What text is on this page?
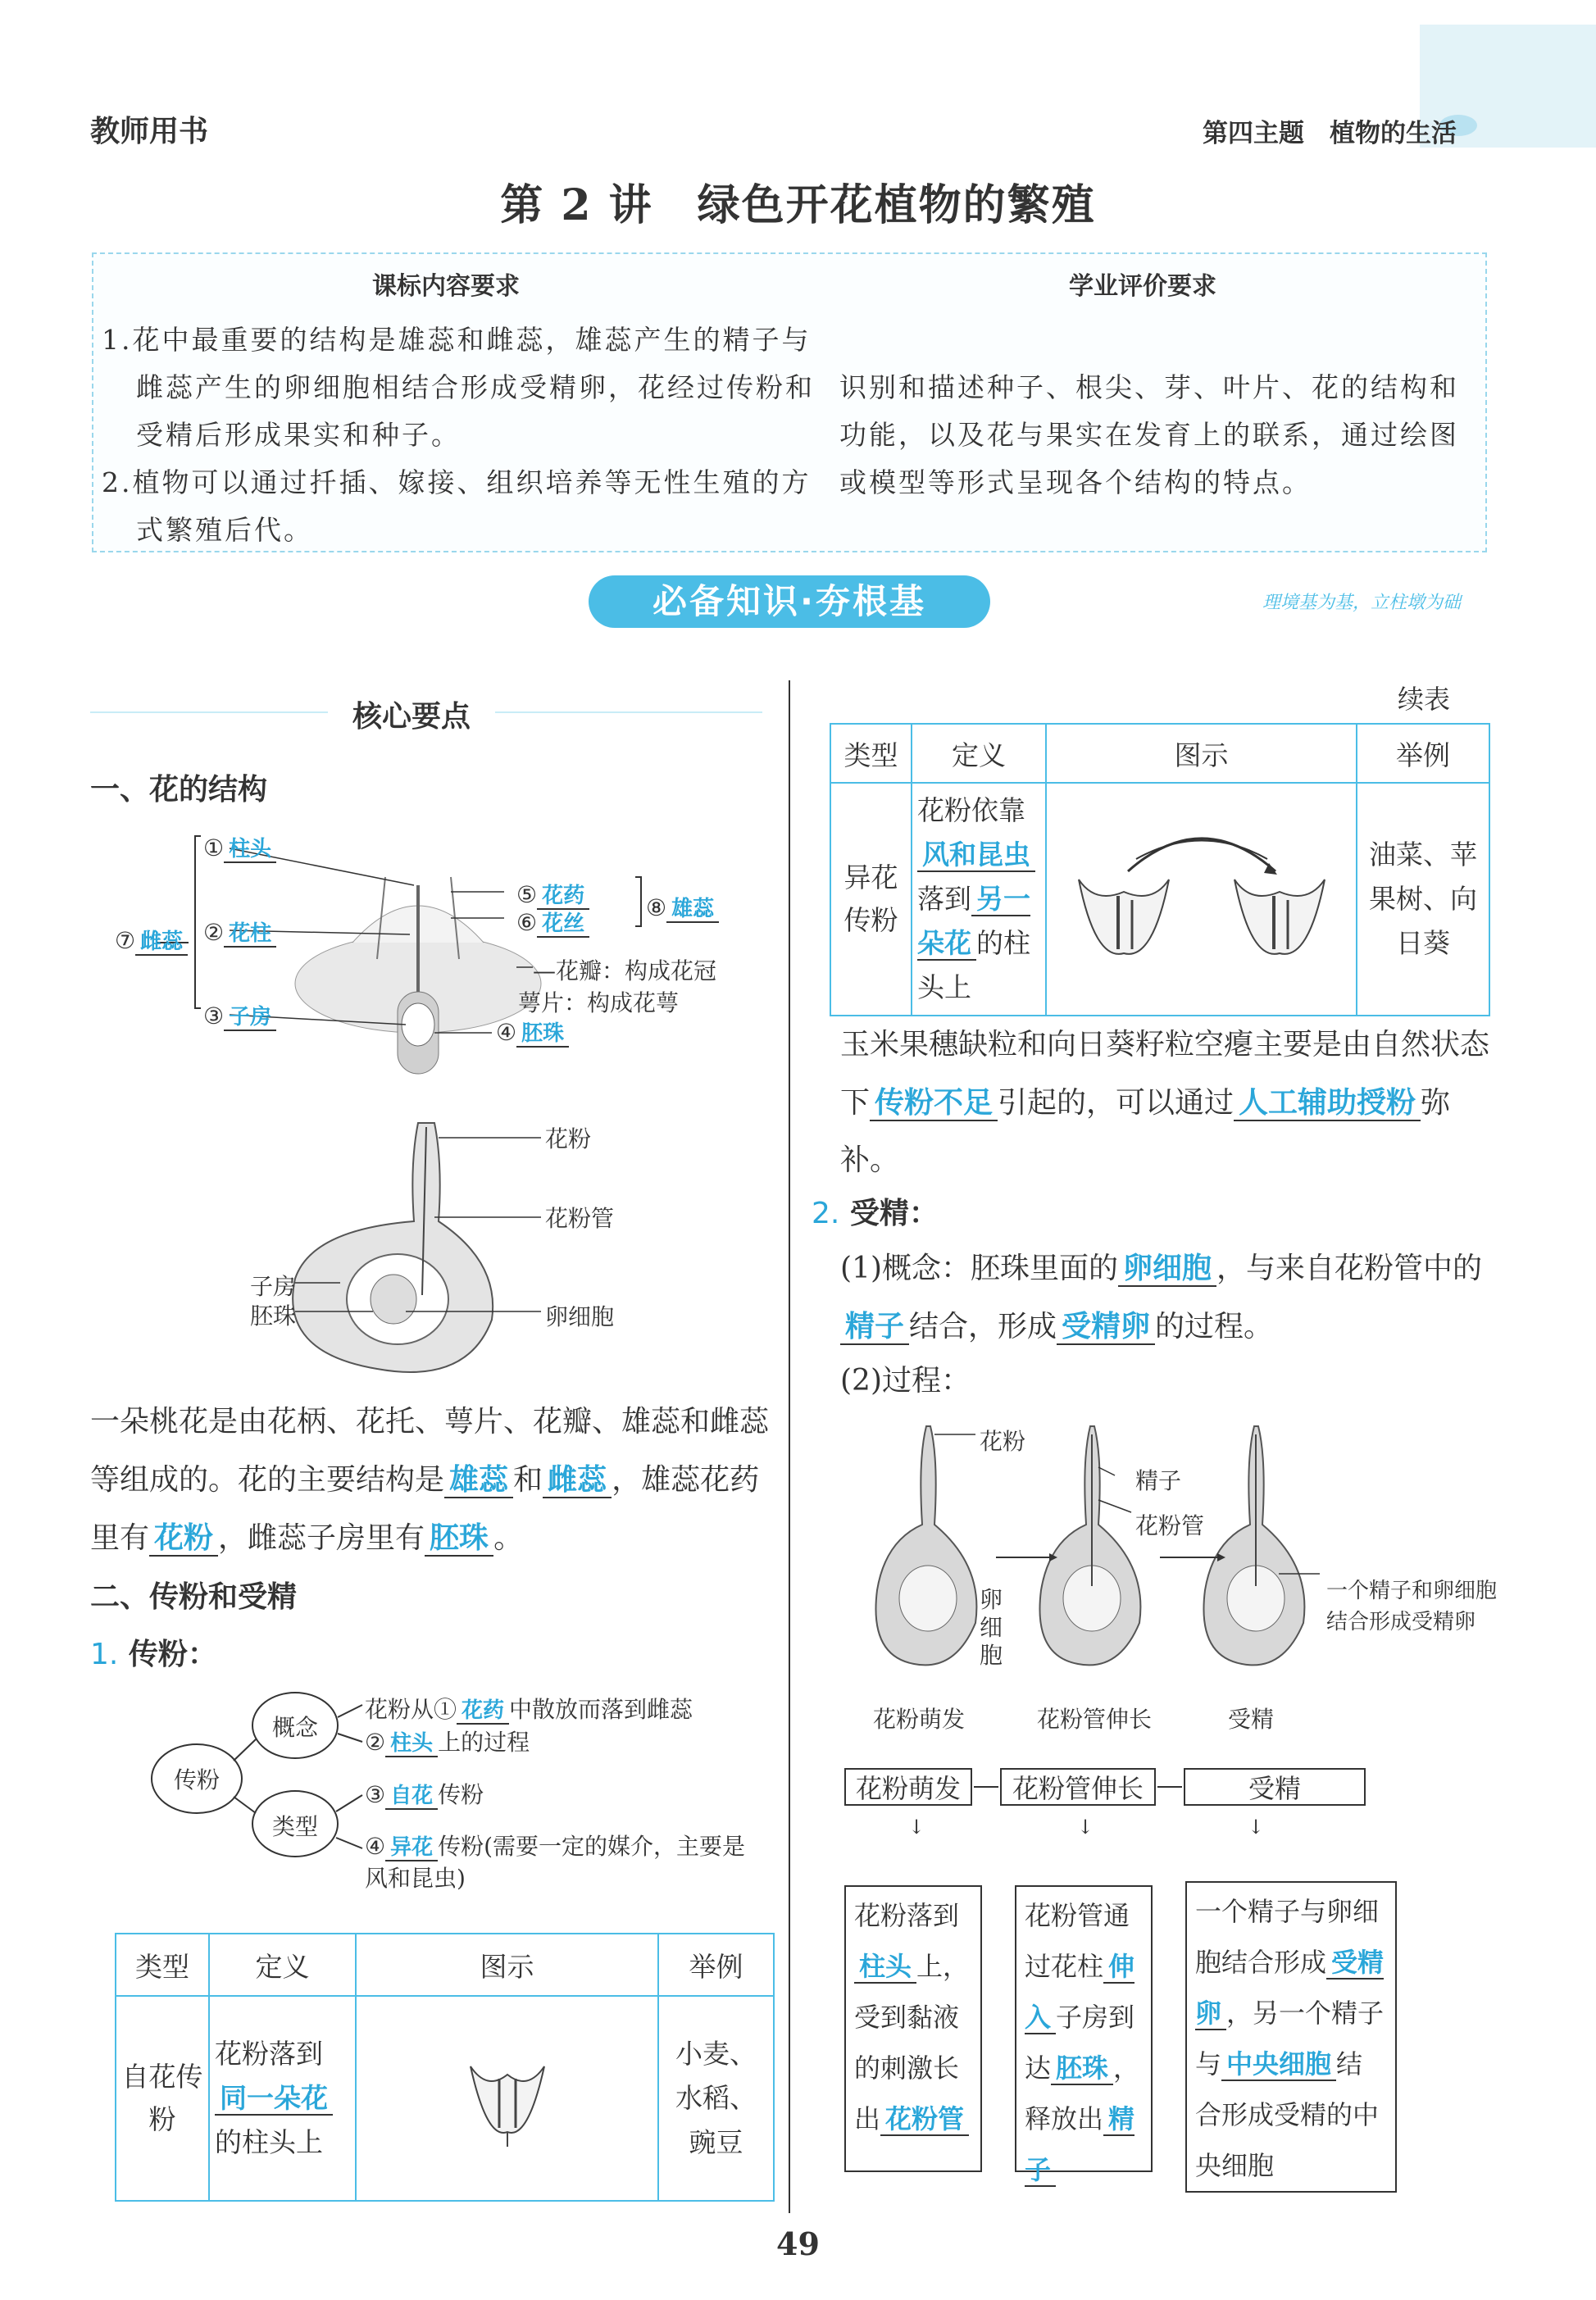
教师用书	第四主题　植物的生活
第 2 讲　绿色开花植物的繁殖
课标内容要求	学业评价要求
1.花中最重要的结构是雄蕊和雌蕊，雄蕊产生的精子与雌蕊产生的卵细胞相结合形成受精卵，花经过传粉和受精后形成果实和种子。
2.植物可以通过扦插、嫁接、组织培养等无性生殖的方式繁殖后代。
识别和描述种子、根尖、芽、叶片、花的结构和功能，以及花与果实在发育上的联系，通过绘图或模型等形式呈现各个结构的特点。
必备知识·夯根基	理境基为基，立柱墩为础
核心要点
一、花的结构
① 柱头
② 花柱
③ 子房
④ 胚珠
⑤ 花药
⑥ 花丝
⑦ 雌蕊
⑧ 雄蕊
—花瓣：构成花冠
萼片：构成花萼
花粉
花粉管
子房
胚珠	卵细胞
一朵桃花是由花柄、花托、萼片、花瓣、雄蕊和雌蕊等组成的。花的主要结构是 雄蕊 和 雌蕊 ，雄蕊花药里有 花粉 ，雌蕊子房里有 胚珠 。
二、传粉和受精
1. 传粉：
传粉
概念
类型
花粉从① 花药 中散放而落到雌蕊
② 柱头 上的过程
③ 自花 传粉
④ 异花 传粉(需要一定的媒介，主要是风和昆虫)
类型	定义	图示	举例
自花传粉	花粉落到同一朵花的柱头上		小麦、水稻、豌豆
续表
类型	定义	图示	举例
异花传粉	花粉依靠风和昆虫落到 另一朵花 的柱头上		油菜、苹果树、向日葵
玉米果穗缺粒和向日葵籽粒空瘪主要是由自然状态下 传粉不足 引起的，可以通过 人工辅助授粉 弥补。
2. 受精：
(1)概念：胚珠里面的 卵细胞 ，与来自花粉管中的精子 结合，形成 受精卵 的过程。
(2)过程：
花粉
精子
花粉管
卵细胞
一个精子和卵细胞结合形成受精卵
花粉萌发	花粉管伸长	受精
花粉萌发	花粉管伸长	受精
↓	↓	↓
花粉落到柱头 上，受到黏液的刺激长出 花粉管
花粉管通过花柱 伸入 子房到达 胚珠 ，释放出 精子
一个精子与卵细胞结合形成 受精卵 ，另一个精子与 中央细胞 结合形成受精的中央细胞
49
